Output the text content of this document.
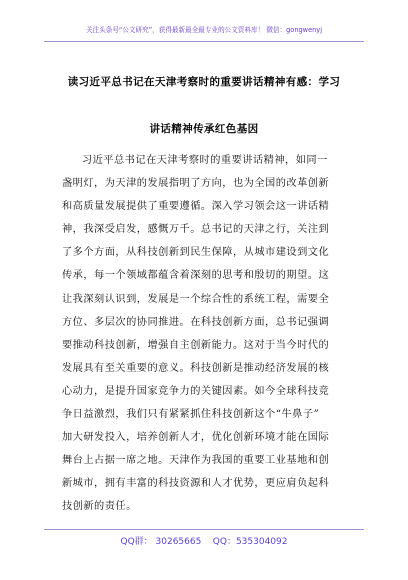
关注头条号“公文研究”，获得最新最全最专业的公文资料库！ 微信：gongwenyj
读习近平总书记在天津考察时的重要讲话精神有感：学习
讲话精神传承红色基因
习近平总书记在天津考察时的重要讲话精神，如同一
盏明灯，为天津的发展指明了方向，也为全国的改革创新
和高质量发展提供了重要遵循。深入学习领会这一讲话精
神，我深受启发，感慨万千。总书记的天津之行，关注到
了多个方面，从科技创新到民生保障，从城市建设到文化
传承，每一个领域都蕴含着深刻的思考和殷切的期望。这
让我深刻认识到，发展是一个综合性的系统工程，需要全
方位、多层次的协同推进。在科技创新方面，总书记强调
要推动科技创新，增强自主创新能力。这对于当今时代的
发展具有至关重要的意义。科技创新是推动经济发展的核
心动力，是提升国家竞争力的关键因素。如今全球科技竞
争日益激烈，我们只有紧紧抓住科技创新这个“牛鼻子”
加大研发投入，培养创新人才，优化创新环境才能在国际
舞台上占据一席之地。天津作为我国的重要工业基地和创
新城市，拥有丰富的科技资源和人才优势，更应肩负起科
技创新的责任。
QQ群： 30265665    QQ：535304092
